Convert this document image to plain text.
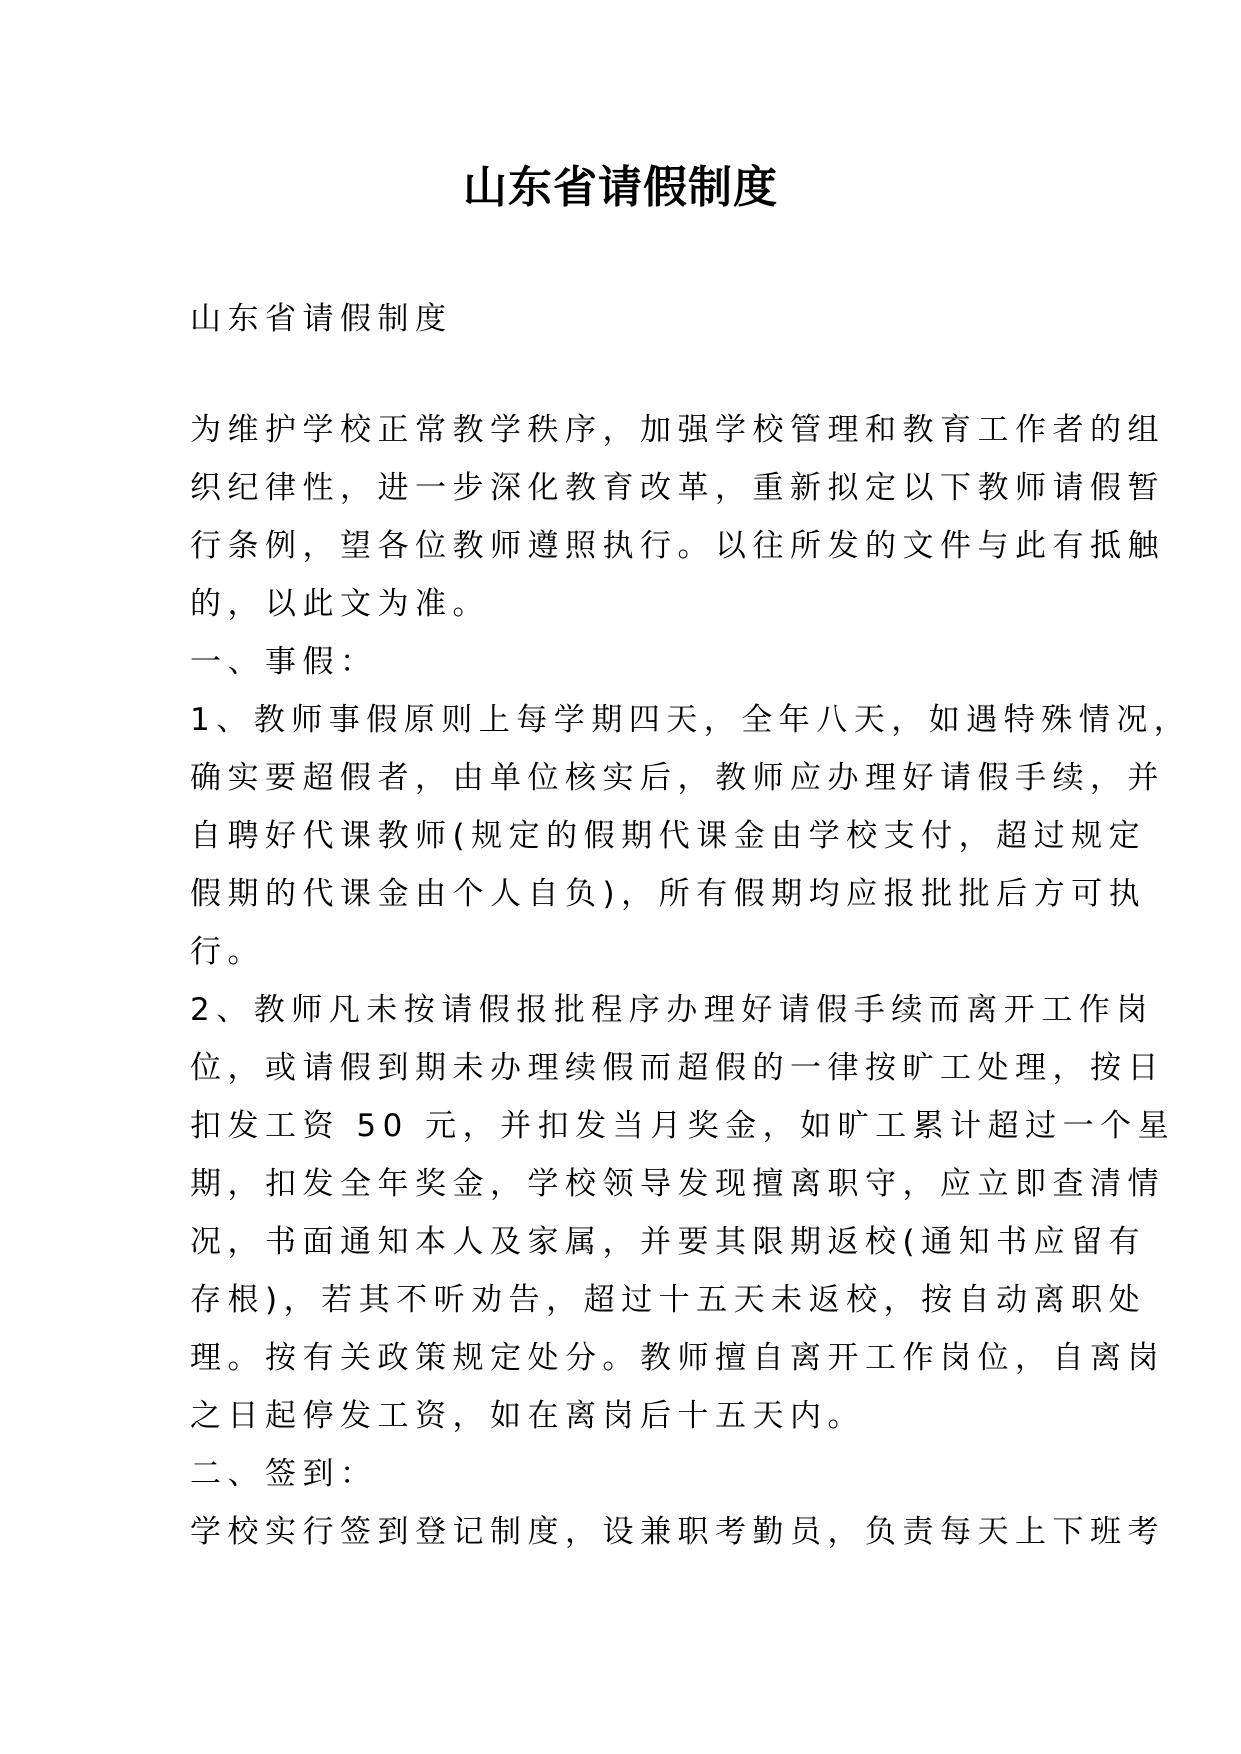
山东省请假制度
山东省请假制度
为维护学校正常教学秩序，加强学校管理和教育工作者的组
织纪律性，进一步深化教育改革，重新拟定以下教师请假暂
行条例，望各位教师遵照执行。以往所发的文件与此有抵触
的，以此文为准。
一、事假：
1、教师事假原则上每学期四天，全年八天，如遇特殊情况，
确实要超假者，由单位核实后，教师应办理好请假手续，并
自聘好代课教师(规定的假期代课金由学校支付，超过规定
假期的代课金由个人自负)，所有假期均应报批批后方可执
行。
2、教师凡未按请假报批程序办理好请假手续而离开工作岗
位，或请假到期未办理续假而超假的一律按旷工处理，按日
扣发工资 50 元，并扣发当月奖金，如旷工累计超过一个星
期，扣发全年奖金，学校领导发现擅离职守，应立即查清情
况，书面通知本人及家属，并要其限期返校(通知书应留有
存根)，若其不听劝告，超过十五天未返校，按自动离职处
理。按有关政策规定处分。教师擅自离开工作岗位，自离岗
之日起停发工资，如在离岗后十五天内。
二、签到：
学校实行签到登记制度，设兼职考勤员，负责每天上下班考
